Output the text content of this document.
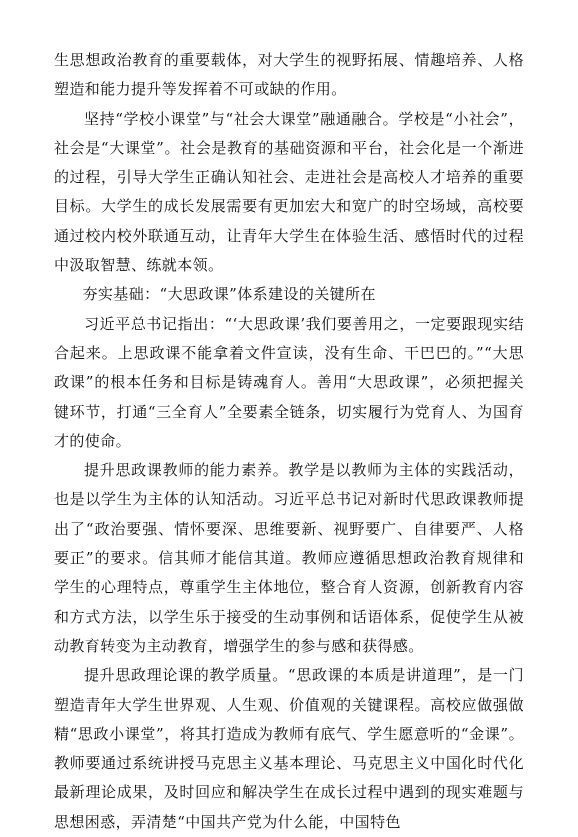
生思想政治教育的重要载体，对大学生的视野拓展、情趣培养、人格塑造和能力提升等发挥着不可或缺的作用。

坚持“学校小课堂”与“社会大课堂”融通融合。学校是“小社会”，社会是“大课堂”。社会是教育的基础资源和平台，社会化是一个渐进的过程，引导大学生正确认知社会、走进社会是高校人才培养的重要目标。大学生的成长发展需要有更加宏大和宽广的时空场域，高校要通过校内校外联通互动，让青年大学生在体验生活、感悟时代的过程中汲取智慧、练就本领。

夯实基础：“大思政课”体系建设的关键所在

习近平总书记指出：“‘大思政课’我们要善用之，一定要跟现实结合起来。上思政课不能拿着文件宣读，没有生命、干巴巴的。”“大思政课”的根本任务和目标是铸魂育人。善用“大思政课”，必须把握关键环节，打通“三全育人”全要素全链条，切实履行为党育人、为国育才的使命。

提升思政课教师的能力素养。教学是以教师为主体的实践活动，也是以学生为主体的认知活动。习近平总书记对新时代思政课教师提出了“政治要强、情怀要深、思维要新、视野要广、自律要严、人格要正”的要求。信其师才能信其道。教师应遵循思想政治教育规律和学生的心理特点，尊重学生主体地位，整合育人资源，创新教育内容和方式方法，以学生乐于接受的生动事例和话语体系，促使学生从被动教育转变为主动教育，增强学生的参与感和获得感。

提升思政理论课的教学质量。“思政课的本质是讲道理”，是一门塑造青年大学生世界观、人生观、价值观的关键课程。高校应做强做精“思政小课堂”，将其打造成为教师有底气、学生愿意听的“金课”。教师要通过系统讲授马克思主义基本理论、马克思主义中国化时代化最新理论成果，及时回应和解决学生在成长过程中遇到的现实难题与思想困惑，弄清楚“中国共产党为什么能，中国特色
